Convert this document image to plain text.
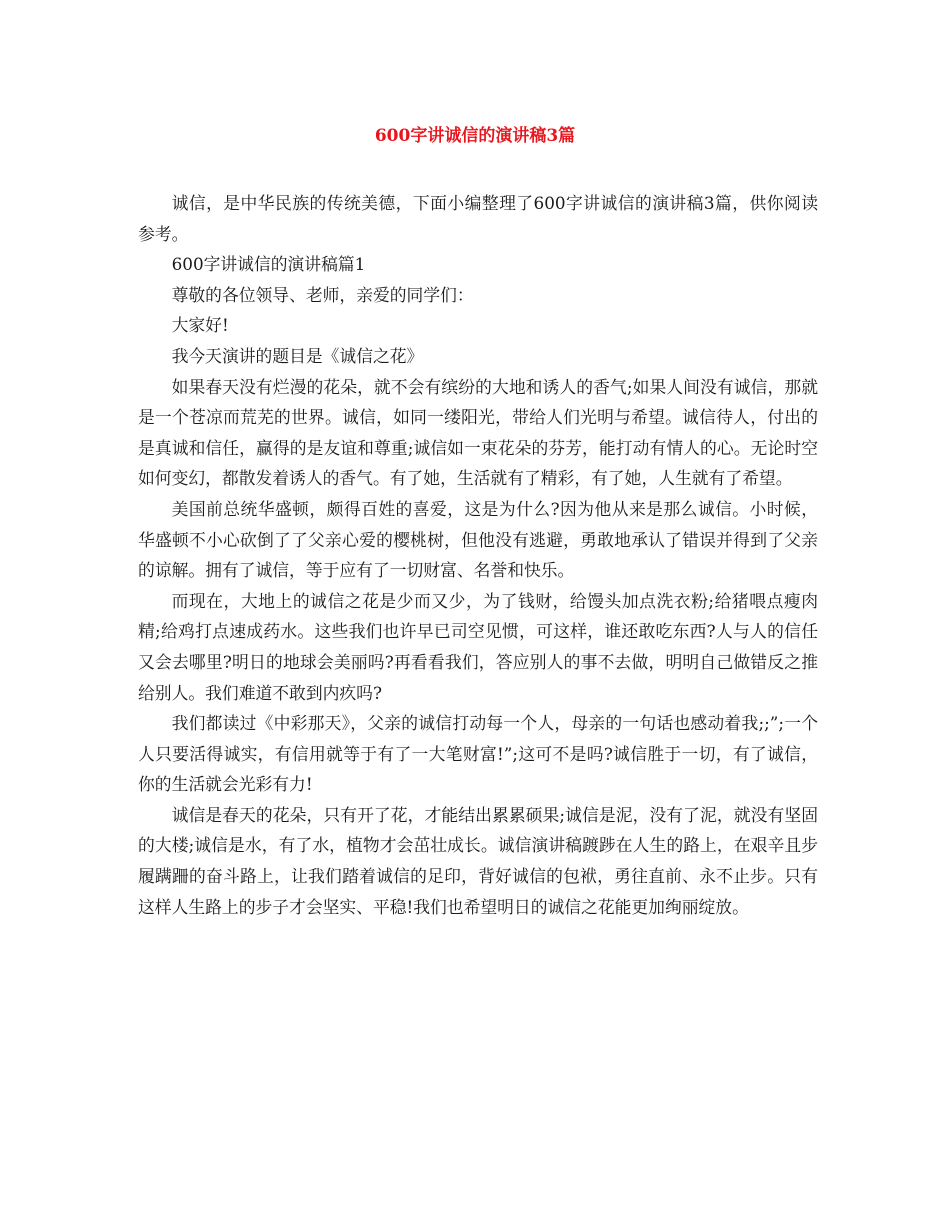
600字讲诚信的演讲稿3篇

诚信，是中华民族的传统美德，下面小编整理了600字讲诚信的演讲稿3篇，供你阅读参考。

600字讲诚信的演讲稿篇1

尊敬的各位领导、老师，亲爱的同学们：

大家好!

我今天演讲的题目是《诚信之花》

如果春天没有烂漫的花朵，就不会有缤纷的大地和诱人的香气;如果人间没有诚信，那就是一个苍凉而荒芜的世界。诚信，如同一缕阳光，带给人们光明与希望。诚信待人，付出的是真诚和信任，赢得的是友谊和尊重;诚信如一束花朵的芬芳，能打动有情人的心。无论时空如何变幻，都散发着诱人的香气。有了她，生活就有了精彩，有了她，人生就有了希望。

美国前总统华盛顿，颇得百姓的喜爱，这是为什么?因为他从来是那么诚信。小时候，华盛顿不小心砍倒了了父亲心爱的樱桃树，但他没有逃避，勇敢地承认了错误并得到了父亲的谅解。拥有了诚信，等于应有了一切财富、名誉和快乐。

而现在，大地上的诚信之花是少而又少，为了钱财，给馒头加点洗衣粉;给猪喂点瘦肉精;给鸡打点速成药水。这些我们也许早已司空见惯，可这样，谁还敢吃东西?人与人的信任又会去哪里?明日的地球会美丽吗?再看看我们，答应别人的事不去做，明明自己做错反之推给别人。我们难道不敢到内疚吗?

我们都读过《中彩那天》，父亲的诚信打动每一个人，母亲的一句话也感动着我;;”;一个人只要活得诚实，有信用就等于有了一大笔财富!”;这可不是吗?诚信胜于一切，有了诚信，你的生活就会光彩有力!

诚信是春天的花朵，只有开了花，才能结出累累硕果;诚信是泥，没有了泥，就没有坚固的大楼;诚信是水，有了水，植物才会茁壮成长。诚信演讲稿踱踄在人生的路上，在艰辛且步履蹒跚的奋斗路上，让我们踏着诚信的足印，背好诚信的包袱，勇往直前、永不止步。只有这样人生路上的步子才会坚实、平稳!我们也希望明日的诚信之花能更加绚丽绽放。
